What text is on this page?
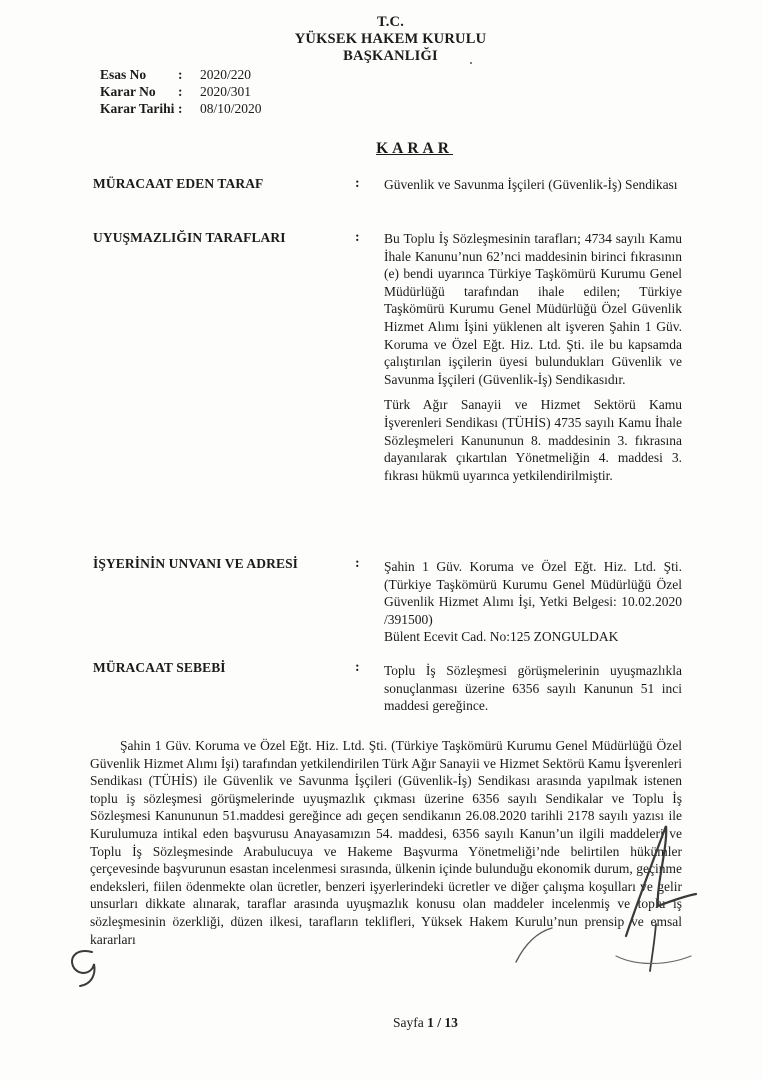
T.C.
YÜKSEK HAKEM KURULU
BAŞKANLIĞI
Esas No	:	2020/220
Karar No	:	2020/301
Karar Tarihi :	08/10/2020
KARAR
MÜRACAAT EDEN TARAF	: Güvenlik ve Savunma İşçileri (Güvenlik-İş) Sendikası

UYUŞMAZLIĞIN TARAFLARI	: Bu Toplu İş Sözleşmesinin tarafları; 4734 sayılı Kamu İhale Kanunu’nun 62’nci maddesinin birinci fıkrasının (e) bendi uyarınca Türkiye Taşkömürü Kurumu Genel Müdürlüğü tarafından ihale edilen; Türkiye Taşkömürü Kurumu Genel Müdürlüğü Özel Güvenlik Hizmet Alımı İşini yüklenen alt işveren Şahin 1 Güv. Koruma ve Özel Eğt. Hiz. Ltd. Şti. ile bu kapsamda çalıştırılan işçilerin üyesi bulundukları Güvenlik ve Savunma İşçileri (Güvenlik-İş) Sendikasıdır.

Türk Ağır Sanayii ve Hizmet Sektörü Kamu İşverenleri Sendikası (TÜHİS) 4735 sayılı Kamu İhale Sözleşmeleri Kanununun 8. maddesinin 3. fıkrasına dayanılarak çıkartılan Yönetmeliğin 4. maddesi 3. fıkrası hükmü uyarınca yetkilendirilmiştir.

İŞYERİNİN UNVANI VE ADRESİ	: Şahin 1 Güv. Koruma ve Özel Eğt. Hiz. Ltd. Şti. (Türkiye Taşkömürü Kurumu Genel Müdürlüğü Özel Güvenlik Hizmet Alımı İşi, Yetki Belgesi: 10.02.2020 /391500)

Bülent Ecevit Cad. No:125 ZONGULDAK

MÜRACAAT SEBEBİ	: Toplu İş Sözleşmesi görüşmelerinin uyuşmazlıkla sonuçlanması üzerine 6356 sayılı Kanunun 51 inci maddesi gereğince.

Şahin 1 Güv. Koruma ve Özel Eğt. Hiz. Ltd. Şti. (Türkiye Taşkömürü Kurumu Genel Müdürlüğü Özel Güvenlik Hizmet Alımı İşi) tarafından yetkilendirilen Türk Ağır Sanayii ve Hizmet Sektörü Kamu İşverenleri Sendikası (TÜHİS) ile Güvenlik ve Savunma İşçileri (Güvenlik-İş) Sendikası arasında yapılmak istenen toplu iş sözleşmesi görüşmelerinde uyuşmazlık çıkması üzerine 6356 sayılı Sendikalar ve Toplu İş Sözleşmesi Kanununun 51.maddesi gereğince adı geçen sendikanın 26.08.2020 tarihli 2178 sayılı yazısı ile Kurulumuza intikal eden başvurusu Anayasamızın 54. maddesi, 6356 sayılı Kanun’un ilgili maddeleri ve Toplu İş Sözleşmesinde Arabulucuya ve Hakeme Başvurma Yönetmeliği’nde belirtilen hükümler çerçevesinde başvurunun esastan incelenmesi sırasında, ülkenin içinde bulunduğu ekonomik durum, geçinme endeksleri, fiilen ödenmekte olan ücretler, benzeri işyerlerindeki ücretler ve diğer çalışma koşulları ve gelir unsurları dikkate alınarak, taraflar arasında uyuşmazlık konusu olan maddeler incelenmiş ve toplu iş sözleşmesinin özerkliği, düzen ilkesi, tarafların teklifleri, Yüksek Hakem Kurulu’nun prensip ve emsal kararları

Sayfa 1 / 13
